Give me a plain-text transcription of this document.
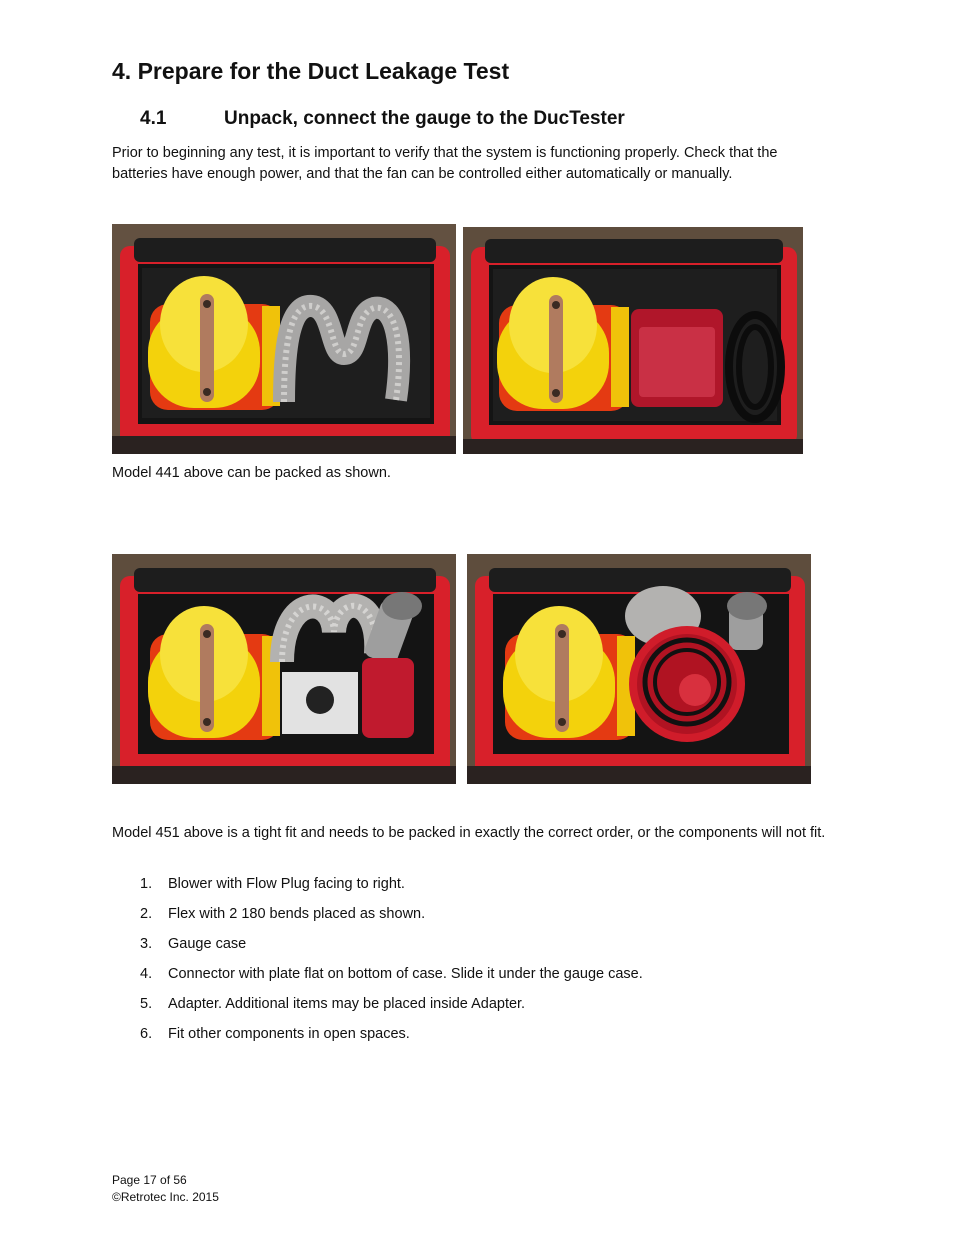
4. Prepare for the Duct Leakage Test
4.1	Unpack, connect the gauge to the DucTester
Prior to beginning any test, it is important to verify that the system is functioning properly. Check that the batteries have enough power, and that the fan can be controlled either automatically or manually.
Model 441 above can be packed as shown.
Model 451 above is a tight fit and needs to be packed in exactly the correct order, or the components will not fit.
1. Blower with Flow Plug facing to right.
2. Flex with 2 180 bends placed as shown.
3. Gauge case
4. Connector with plate flat on bottom of case. Slide it under the gauge case.
5. Adapter. Additional items may be placed inside Adapter.
6. Fit other components in open spaces.
Page 17 of 56
©Retrotec Inc. 2015
